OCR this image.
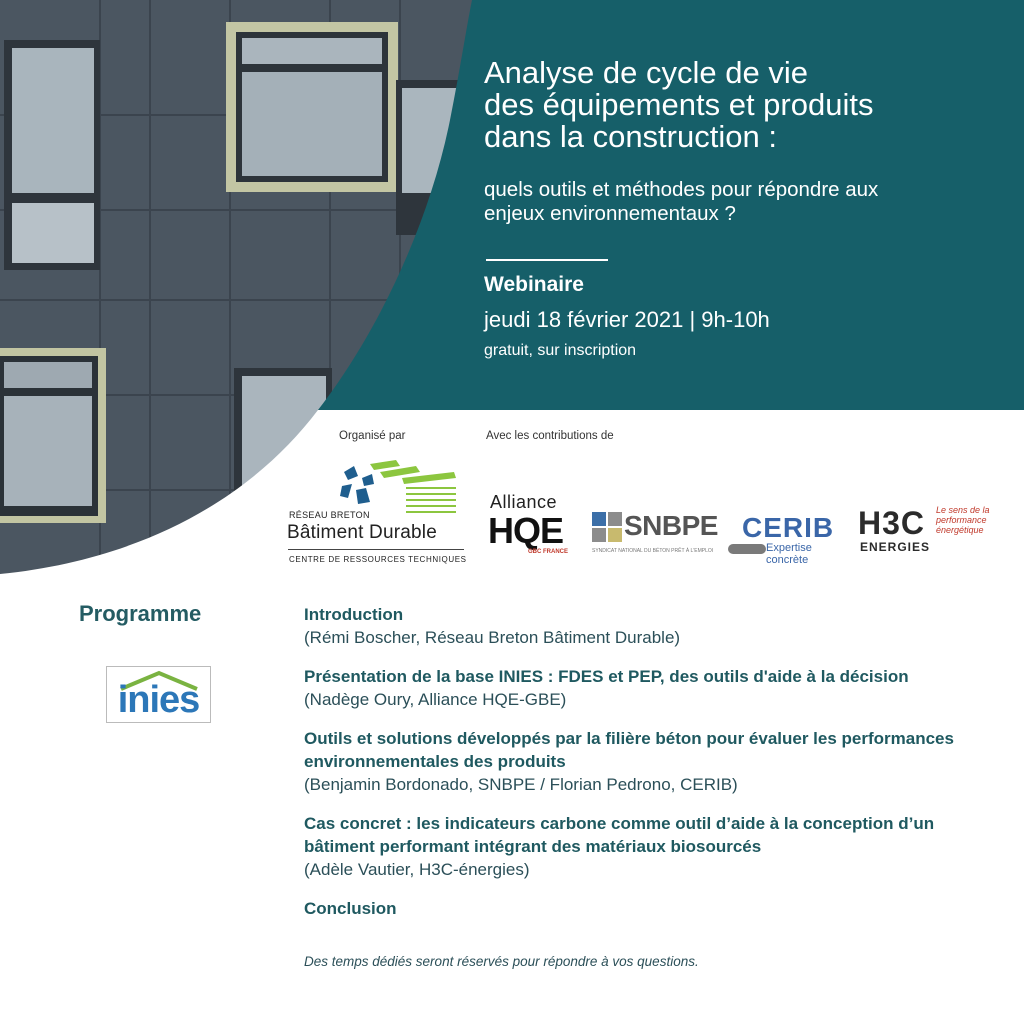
Analyse de cycle de vie
des équipements et produits
dans la construction :
quels outils et méthodes pour répondre aux
enjeux environnementaux ?
Webinaire
jeudi 18 février 2021 | 9h-10h
gratuit, sur inscription
Organisé par	Avec les contributions de
RÉSEAU BRETON
Bâtiment Durable
CENTRE DE RESSOURCES TECHNIQUES
Alliance
HQE
GBC FRANCE
SNBPE
SYNDICAT NATIONAL DU BÉTON PRÊT À L'EMPLOI
CERIB
Expertise concrète
H3C
ENERGIES
Le sens de la performance énergétique
Programme
inies
Introduction
(Rémi Boscher, Réseau Breton Bâtiment Durable)
Présentation de la base INIES : FDES et PEP, des outils d'aide à la décision
(Nadège Oury, Alliance HQE-GBE)
Outils et solutions développés par la filière béton pour évaluer les performances environnementales des produits
(Benjamin Bordonado, SNBPE / Florian Pedrono, CERIB)
Cas concret : les indicateurs carbone comme outil d’aide à la conception d’un bâtiment performant intégrant des matériaux biosourcés
(Adèle Vautier, H3C-énergies)
Conclusion
Des temps dédiés seront réservés pour répondre à vos questions.
